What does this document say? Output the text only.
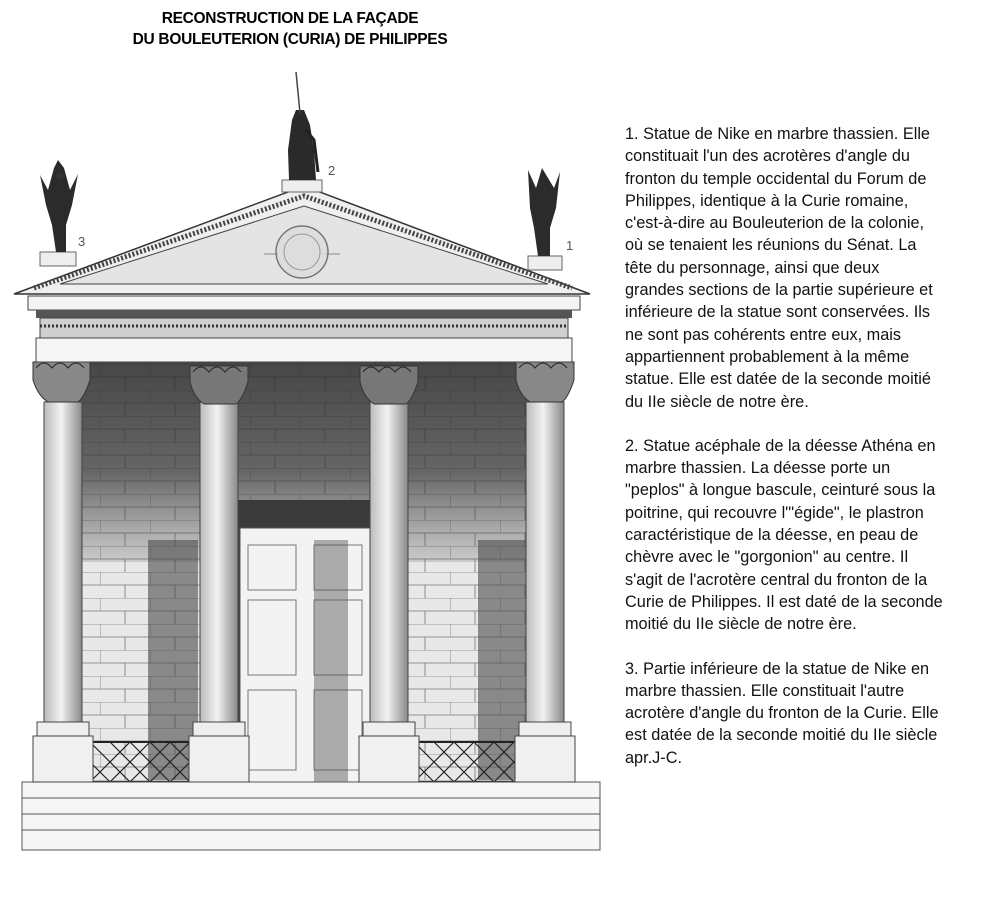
RECONSTRUCTION DE LA FAÇADE
DU BOULEUTERION (CURIA) DE PHILIPPES
1
2
3
1. Statue de Nike en marbre thassien. Elle
constituait l'un des acrotères d'angle du
fronton du temple occidental du Forum de
Philippes, identique à la Curie romaine,
c'est-à-dire au Bouleuterion de la colonie,
où se tenaient les réunions du Sénat. La
tête du personnage, ainsi que deux
grandes sections de la partie supérieure et
inférieure de la statue sont conservées. Ils
ne sont pas cohérents entre eux, mais
appartiennent probablement à la même
statue. Elle est datée de la seconde moitié
du IIe siècle de notre ère.
2. Statue acéphale de la déesse Athéna en
marbre thassien. La déesse porte un
"peplos" à longue bascule, ceinturé sous la
poitrine, qui recouvre l'"égide", le plastron
caractéristique de la déesse, en peau de
chèvre avec le "gorgonion" au centre. Il
s'agit de l'acrotère central du fronton de la
Curie de Philippes. Il est daté de la seconde
moitié du IIe siècle de notre ère.
3. Partie inférieure de la statue de Nike en
marbre thassien. Elle constituait l'autre
acrotère d'angle du fronton de la Curie. Elle
est datée de la seconde moitié du IIe siècle
apr.J-C.
